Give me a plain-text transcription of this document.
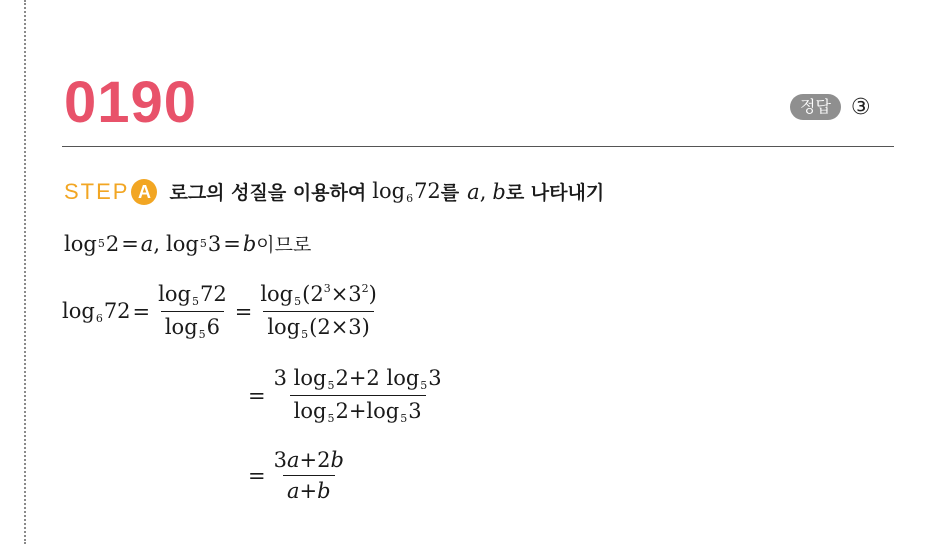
0190	정답 ③
STEP A 로그의 성질을 이용하여 $\log_672$ 를 a , b 로 나타내기
log 5 2 = a , log 5 3 = b 이므로
$\log_672 = \frac{\log_572}{\log_56} = \frac{\log_5(2^3\times 3^2)}{\log_5(2\times 3)}$
= $\frac{3 \log_52+2 \log_53}{\log_52+\log_53}$
= $\frac{3a+2b}{a+b}$
